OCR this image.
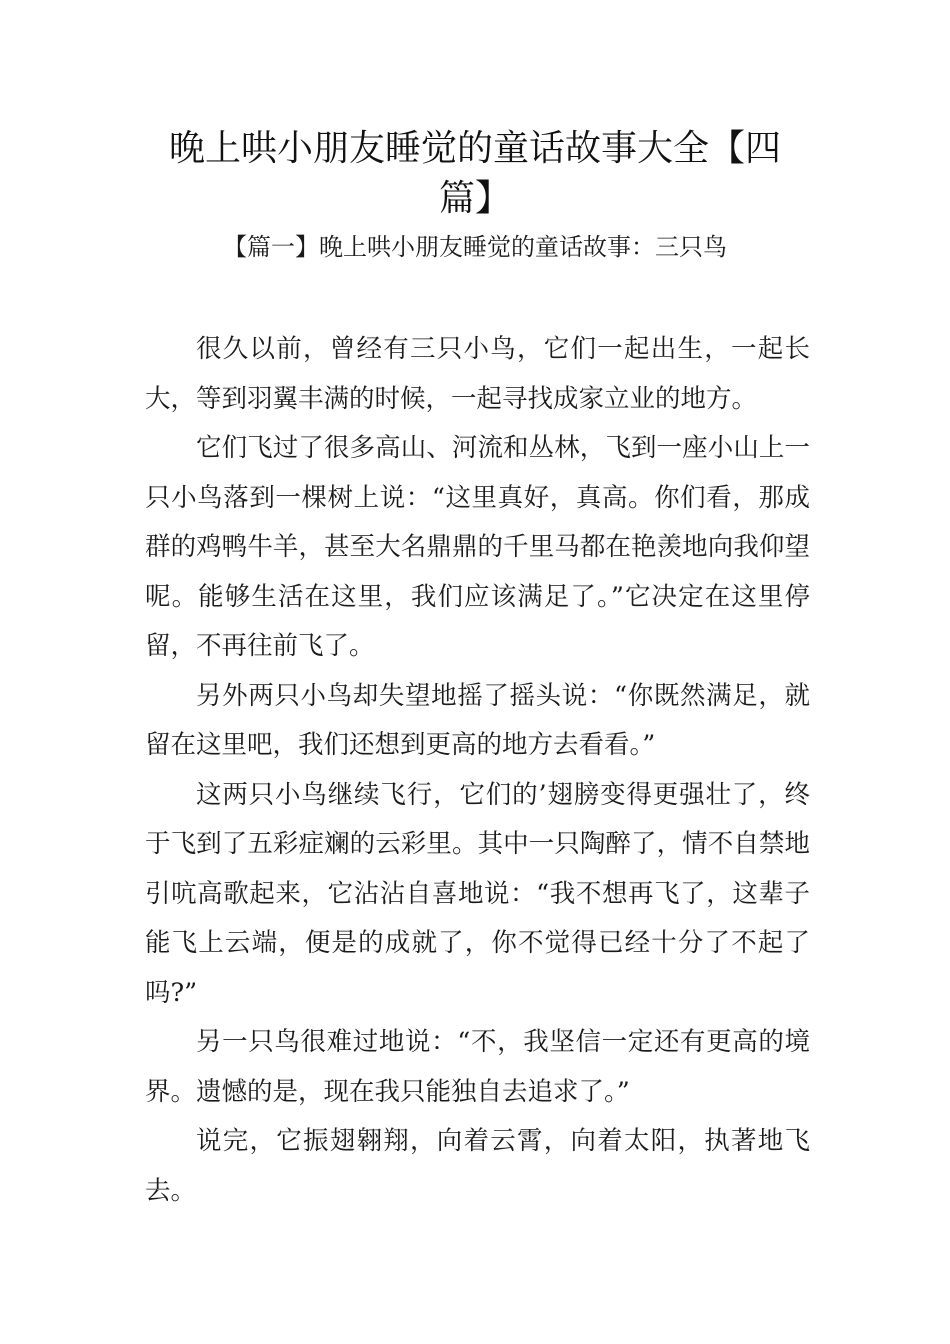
晚上哄小朋友睡觉的童话故事大全【四篇】

【篇一】晚上哄小朋友睡觉的童话故事：三只鸟

很久以前，曾经有三只小鸟，它们一起出生，一起长大，等到羽翼丰满的时候，一起寻找成家立业的地方。

它们飞过了很多高山、河流和丛林，飞到一座小山上一只小鸟落到一棵树上说：“这里真好，真高。你们看，那成群的鸡鸭牛羊，甚至大名鼎鼎的千里马都在艳羡地向我仰望呢。能够生活在这里，我们应该满足了。”它决定在这里停留，不再往前飞了。

另外两只小鸟却失望地摇了摇头说：“你既然满足，就留在这里吧，我们还想到更高的地方去看看。”

这两只小鸟继续飞行，它们的’翅膀变得更强壮了，终于飞到了五彩症斓的云彩里。其中一只陶醉了，情不自禁地引吭高歌起来，它沾沾自喜地说：“我不想再飞了，这辈子能飞上云端，便是的成就了，你不觉得已经十分了不起了吗?”

另一只鸟很难过地说：“不，我坚信一定还有更高的境界。遗憾的是，现在我只能独自去追求了。”

说完，它振翅翱翔，向着云霄，向着太阳，执著地飞去。
